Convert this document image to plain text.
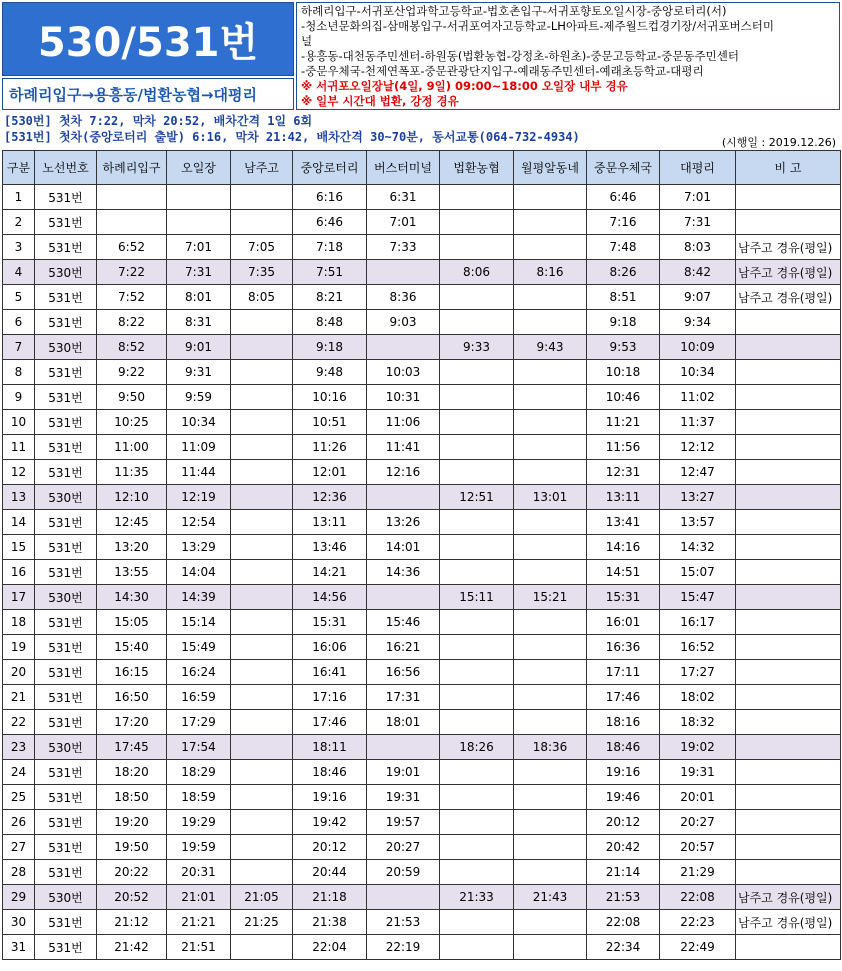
530/531번
하례리입구→용흥동/법환농협→대평리
하례리입구-서귀포산업과학고등학교-법호촌입구-서귀포향토오일시장-중앙로터리(서)
-청소년문화의집-삼매봉입구-서귀포여자고등학교-LH아파트-제주월드컵경기장/서귀포버스터미
널
-용흥동-대천동주민센터-하원동(법환농협-강정초-하원초)-중문고등학교-중문동주민센터
-중문우체국-천제연폭포-중문관광단지입구-예래동주민센터-예래초등학교-대평리
※ 서귀포오일장날(4일, 9일) 09:00~18:00 오일장 내부 경유
※ 일부 시간대 법환, 강정 경유
[530번] 첫차 7:22, 막차 20:52, 배차간격 1일 6회
[531번] 첫차(중앙로터리 출발) 6:16, 막차 21:42, 배차간격 30~70분, 동서교통(064-732-4934)	(시행일 : 2019.12.26)
구분	노선번호	하례리입구	오일장	남주고	중앙로터리	버스터미널	법환농협	월평알동네	중문우체국	대평리	비 고
1	531번				6:16	6:31			6:46	7:01	
2	531번				6:46	7:01			7:16	7:31	
3	531번	6:52	7:01	7:05	7:18	7:33			7:48	8:03	남주고 경유(평일)
4	530번	7:22	7:31	7:35	7:51		8:06	8:16	8:26	8:42	남주고 경유(평일)
5	531번	7:52	8:01	8:05	8:21	8:36			8:51	9:07	남주고 경유(평일)
6	531번	8:22	8:31		8:48	9:03			9:18	9:34	
7	530번	8:52	9:01		9:18		9:33	9:43	9:53	10:09	
8	531번	9:22	9:31		9:48	10:03			10:18	10:34	
9	531번	9:50	9:59		10:16	10:31			10:46	11:02	
10	531번	10:25	10:34		10:51	11:06			11:21	11:37	
11	531번	11:00	11:09		11:26	11:41			11:56	12:12	
12	531번	11:35	11:44		12:01	12:16			12:31	12:47	
13	530번	12:10	12:19		12:36		12:51	13:01	13:11	13:27	
14	531번	12:45	12:54		13:11	13:26			13:41	13:57	
15	531번	13:20	13:29		13:46	14:01			14:16	14:32	
16	531번	13:55	14:04		14:21	14:36			14:51	15:07	
17	530번	14:30	14:39		14:56		15:11	15:21	15:31	15:47	
18	531번	15:05	15:14		15:31	15:46			16:01	16:17	
19	531번	15:40	15:49		16:06	16:21			16:36	16:52	
20	531번	16:15	16:24		16:41	16:56			17:11	17:27	
21	531번	16:50	16:59		17:16	17:31			17:46	18:02	
22	531번	17:20	17:29		17:46	18:01			18:16	18:32	
23	530번	17:45	17:54		18:11		18:26	18:36	18:46	19:02	
24	531번	18:20	18:29		18:46	19:01			19:16	19:31	
25	531번	18:50	18:59		19:16	19:31			19:46	20:01	
26	531번	19:20	19:29		19:42	19:57			20:12	20:27	
27	531번	19:50	19:59		20:12	20:27			20:42	20:57	
28	531번	20:22	20:31		20:44	20:59			21:14	21:29	
29	530번	20:52	21:01	21:05	21:18		21:33	21:43	21:53	22:08	남주고 경유(평일)
30	531번	21:12	21:21	21:25	21:38	21:53			22:08	22:23	남주고 경유(평일)
31	531번	21:42	21:51		22:04	22:19			22:34	22:49	
